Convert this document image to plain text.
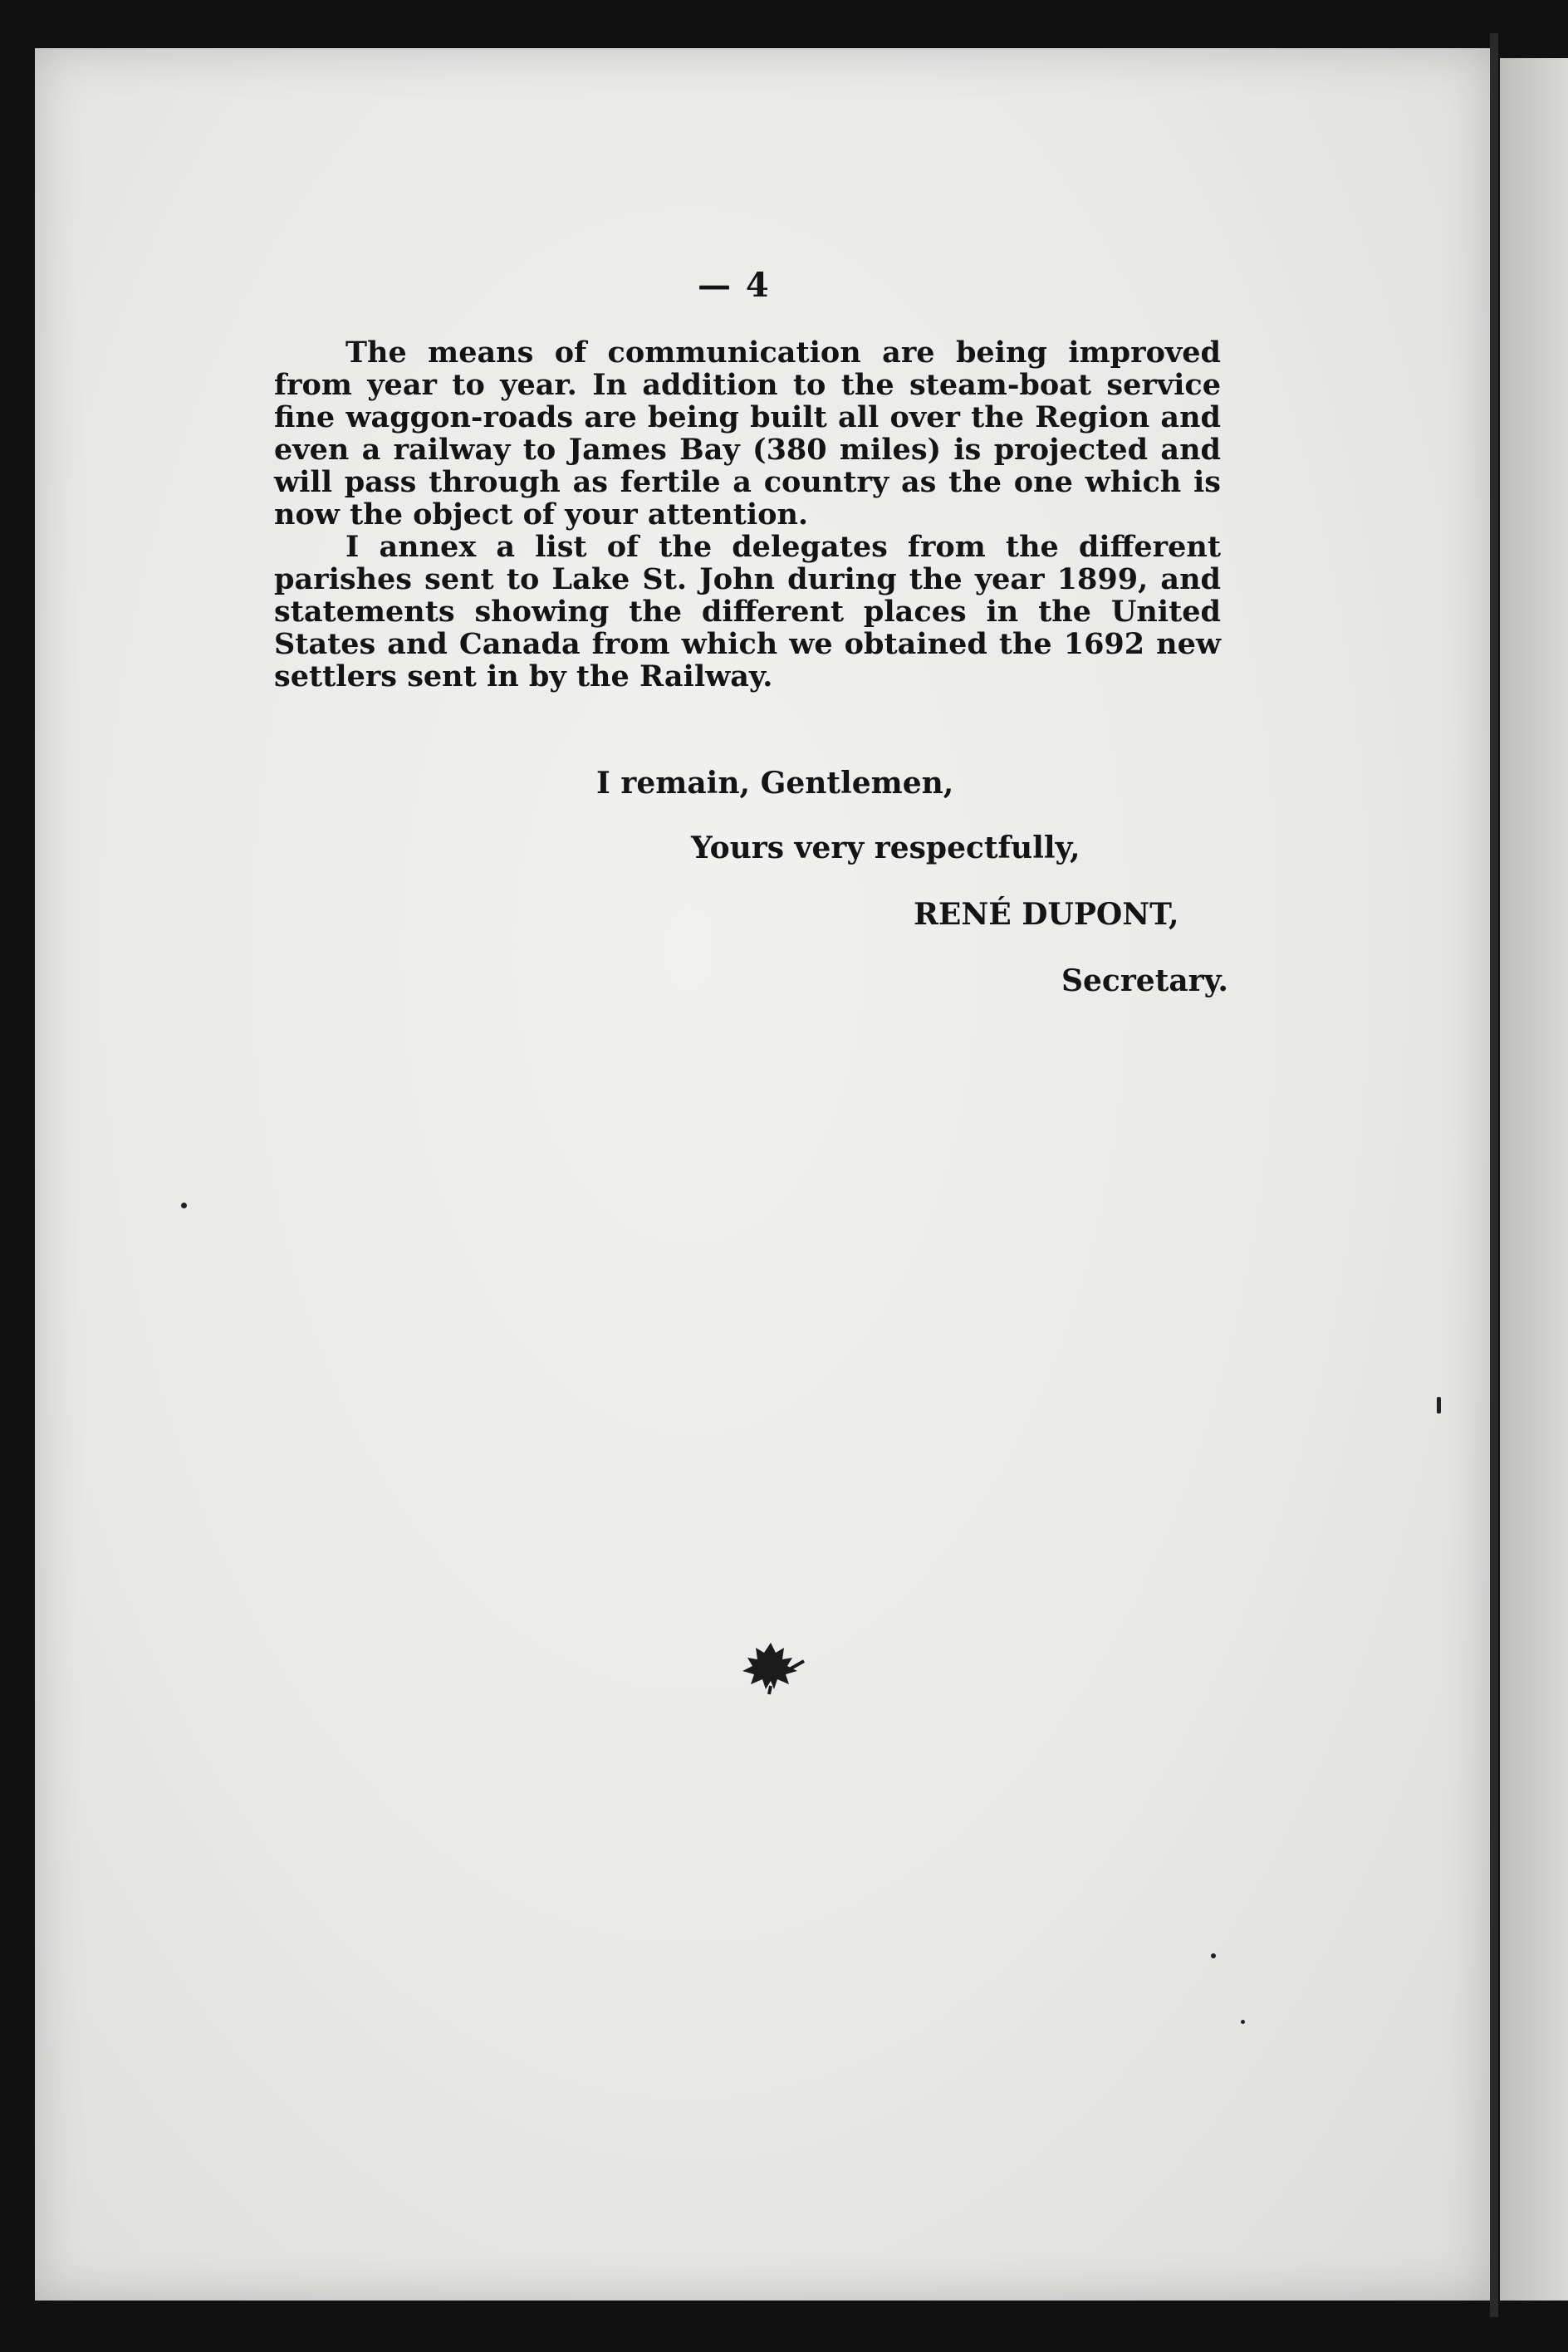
— 4

The means of communication are being improved from year to year. In addition to the steam-boat service fine waggon-roads are being built all over the Region and even a railway to James Bay (380 miles) is projected and will pass through as fertile a country as the one which is now the object of your attention.

I annex a list of the delegates from the different parishes sent to Lake St. John during the year 1899, and statements showing the different places in the United States and Canada from which we obtained the 1692 new settlers sent in by the Railway.

I remain, Gentlemen,
Yours very respectfully,
RENÉ DUPONT,
Secretary.
